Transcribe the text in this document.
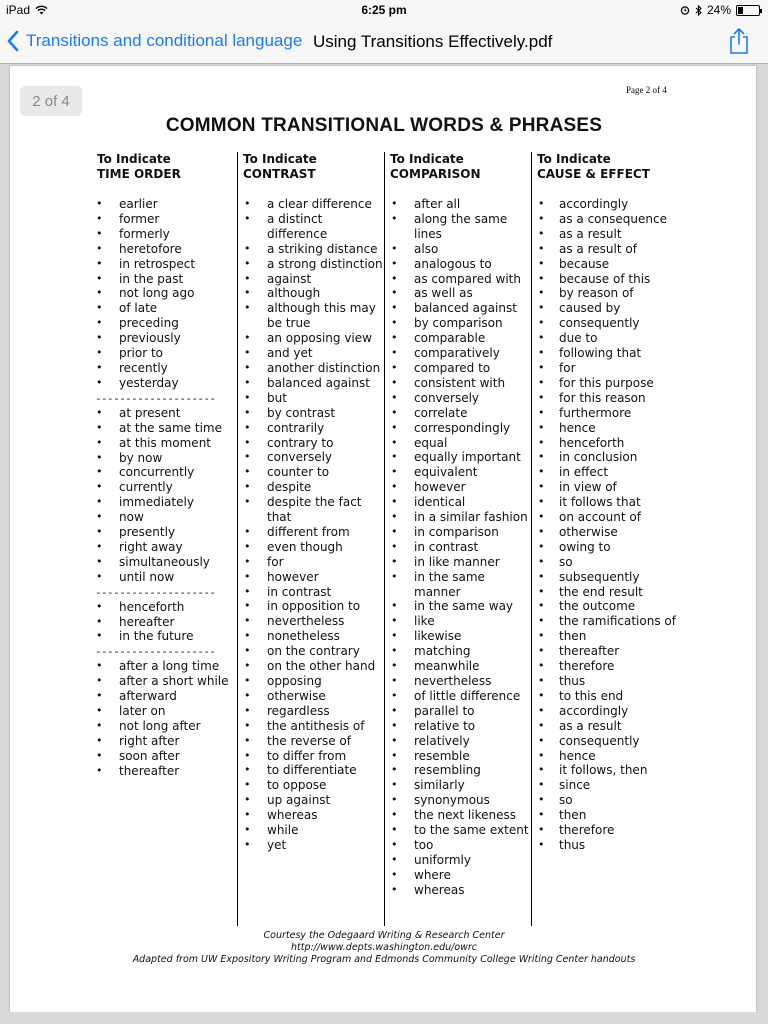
iPad	6:25 pm	24%
Transitions and conditional language Using Transitions Effectively.pdf
2 of 4
Page 2 of 4
COMMON TRANSITIONAL WORDS & PHRASES
To Indicate
TIME ORDER
• earlier
• former
• formerly
• heretofore
• in retrospect
• in the past
• not long ago
• of late
• preceding
• previously
• prior to
• recently
• yesterday
--------------------
• at present
• at the same time
• at this moment
• by now
• concurrently
• currently
• immediately
• now
• presently
• right away
• simultaneously
• until now
--------------------
• henceforth
• hereafter
• in the future
--------------------
• after a long time
• after a short while
• afterward
• later on
• not long after
• right after
• soon after
• thereafter
To Indicate
CONTRAST
• a clear difference
• a distinct difference
• a striking distance
• a strong distinction
• against
• although
• although this may be true
• an opposing view
• and yet
• another distinction
• balanced against
• but
• by contrast
• contrarily
• contrary to
• conversely
• counter to
• despite
• despite the fact that
• different from
• even though
• for
• however
• in contrast
• in opposition to
• nevertheless
• nonetheless
• on the contrary
• on the other hand
• opposing
• otherwise
• regardless
• the antithesis of
• the reverse of
• to differ from
• to differentiate
• to oppose
• up against
• whereas
• while
• yet
To Indicate
COMPARISON
• after all
• along the same lines
• also
• analogous to
• as compared with
• as well as
• balanced against
• by comparison
• comparable
• comparatively
• compared to
• consistent with
• conversely
• correlate
• correspondingly
• equal
• equally important
• equivalent
• however
• identical
• in a similar fashion
• in comparison
• in contrast
• in like manner
• in the same manner
• in the same way
• like
• likewise
• matching
• meanwhile
• nevertheless
• of little difference
• parallel to
• relative to
• relatively
• resemble
• resembling
• similarly
• synonymous
• the next likeness
• to the same extent
• too
• uniformly
• where
• whereas
To Indicate
CAUSE & EFFECT
• accordingly
• as a consequence
• as a result
• as a result of
• because
• because of this
• by reason of
• caused by
• consequently
• due to
• following that
• for
• for this purpose
• for this reason
• furthermore
• hence
• henceforth
• in conclusion
• in effect
• in view of
• it follows that
• on account of
• otherwise
• owing to
• so
• subsequently
• the end result
• the outcome
• the ramifications of
• then
• thereafter
• therefore
• thus
• to this end
• accordingly
• as a result
• consequently
• hence
• it follows, then
• since
• so
• then
• therefore
• thus
Courtesy the Odegaard Writing & Research Center
http://www.depts.washington.edu/owrc
Adapted from UW Expository Writing Program and Edmonds Community College Writing Center handouts
